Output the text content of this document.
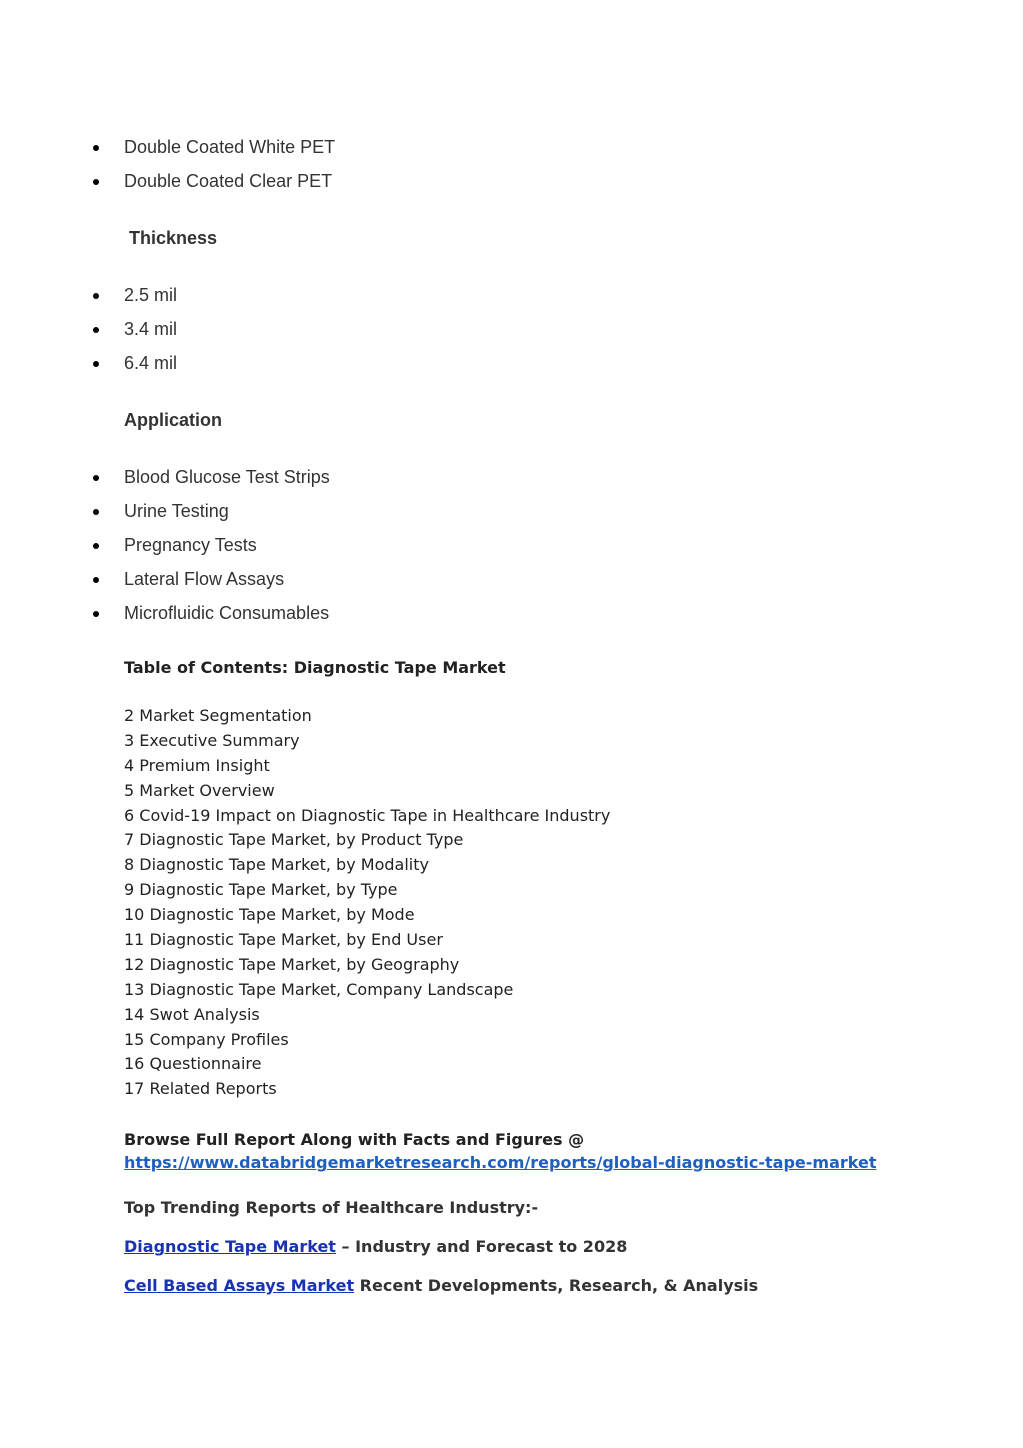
Double Coated White PET
Double Coated Clear PET
Thickness
2.5 mil
3.4 mil
6.4 mil
Application
Blood Glucose Test Strips
Urine Testing
Pregnancy Tests
Lateral Flow Assays
Microfluidic Consumables
Table of Contents: Diagnostic Tape Market
2 Market Segmentation
3 Executive Summary
4 Premium Insight
5 Market Overview
6 Covid-19 Impact on Diagnostic Tape in Healthcare Industry
7 Diagnostic Tape Market, by Product Type
8 Diagnostic Tape Market, by Modality
9 Diagnostic Tape Market, by Type
10 Diagnostic Tape Market, by Mode
11 Diagnostic Tape Market, by End User
12 Diagnostic Tape Market, by Geography
13 Diagnostic Tape Market, Company Landscape
14 Swot Analysis
15 Company Profiles
16 Questionnaire
17 Related Reports
Browse Full Report Along with Facts and Figures @
https://www.databridgemarketresearch.com/reports/global-diagnostic-tape-market
Top Trending Reports of Healthcare Industry:-
Diagnostic Tape Market – Industry and Forecast to 2028
Cell Based Assays Market Recent Developments, Research, & Analysis
